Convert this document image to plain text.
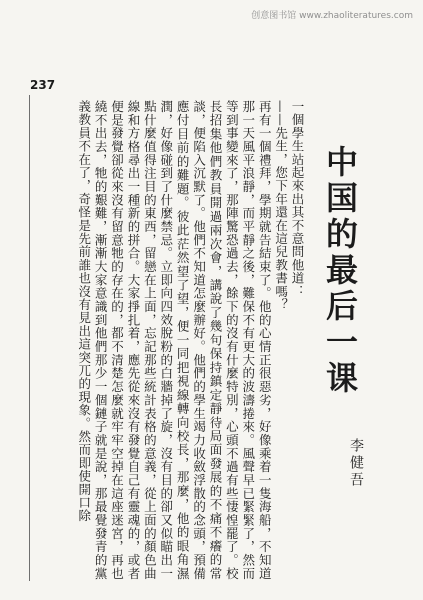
创意图书馆 www.zhaoliteratures.com
237

一個學生站起來出其不意問他道：

——先生，您下年還在這兒教書嗎？

再有一個禮拜，學期就告結束了。他的心情正很惡劣，好像乘着一隻海船，不知道那一天風平浪靜，而平靜之後，難保不有更大的波濤捲來。風聲早已緊緊了，然而等到事變來了，那陣驚恐過去，餘下的沒有什麼特別，心頭不過有些悽惶罷了。校長招集他們教員開過兩次會，講說了幾句保持鎮定靜待局面發展的不痛不癢的常談，便陷入沉默了。他們不知道怎麼辦好。他們的學生竭力收斂浮散的念頭，預備應付目前的難題。彼此茫然望了望，便一同把視線轉向校長，那麼，他的眼角濕潤，好像碰到了什麼禁忌。立即向四效脫粉的白牆掉了旋，沒有目的卻又似瞄出一點什麼值得注目的東西，留戀在上面，忘記那些統計表格的意義，從上面的顏色曲線和方格尋出一種新的拼合。大家掙扎着，應先從來沒有發覺自己有靈魂的，或者便是發覺卻從來沒有留意牠的存在的，都不清楚怎麼就牢牢空掉在這座迷宮，再也繞不出去，牠的艱難，漸漸大家意識到他們那少一個鏈子就是說，那最覺發青的黨義教員不在了，奇怪是先前誰也沒有見出這突兀的現象。然而即使開口除	中国的最后一课
李健吾
